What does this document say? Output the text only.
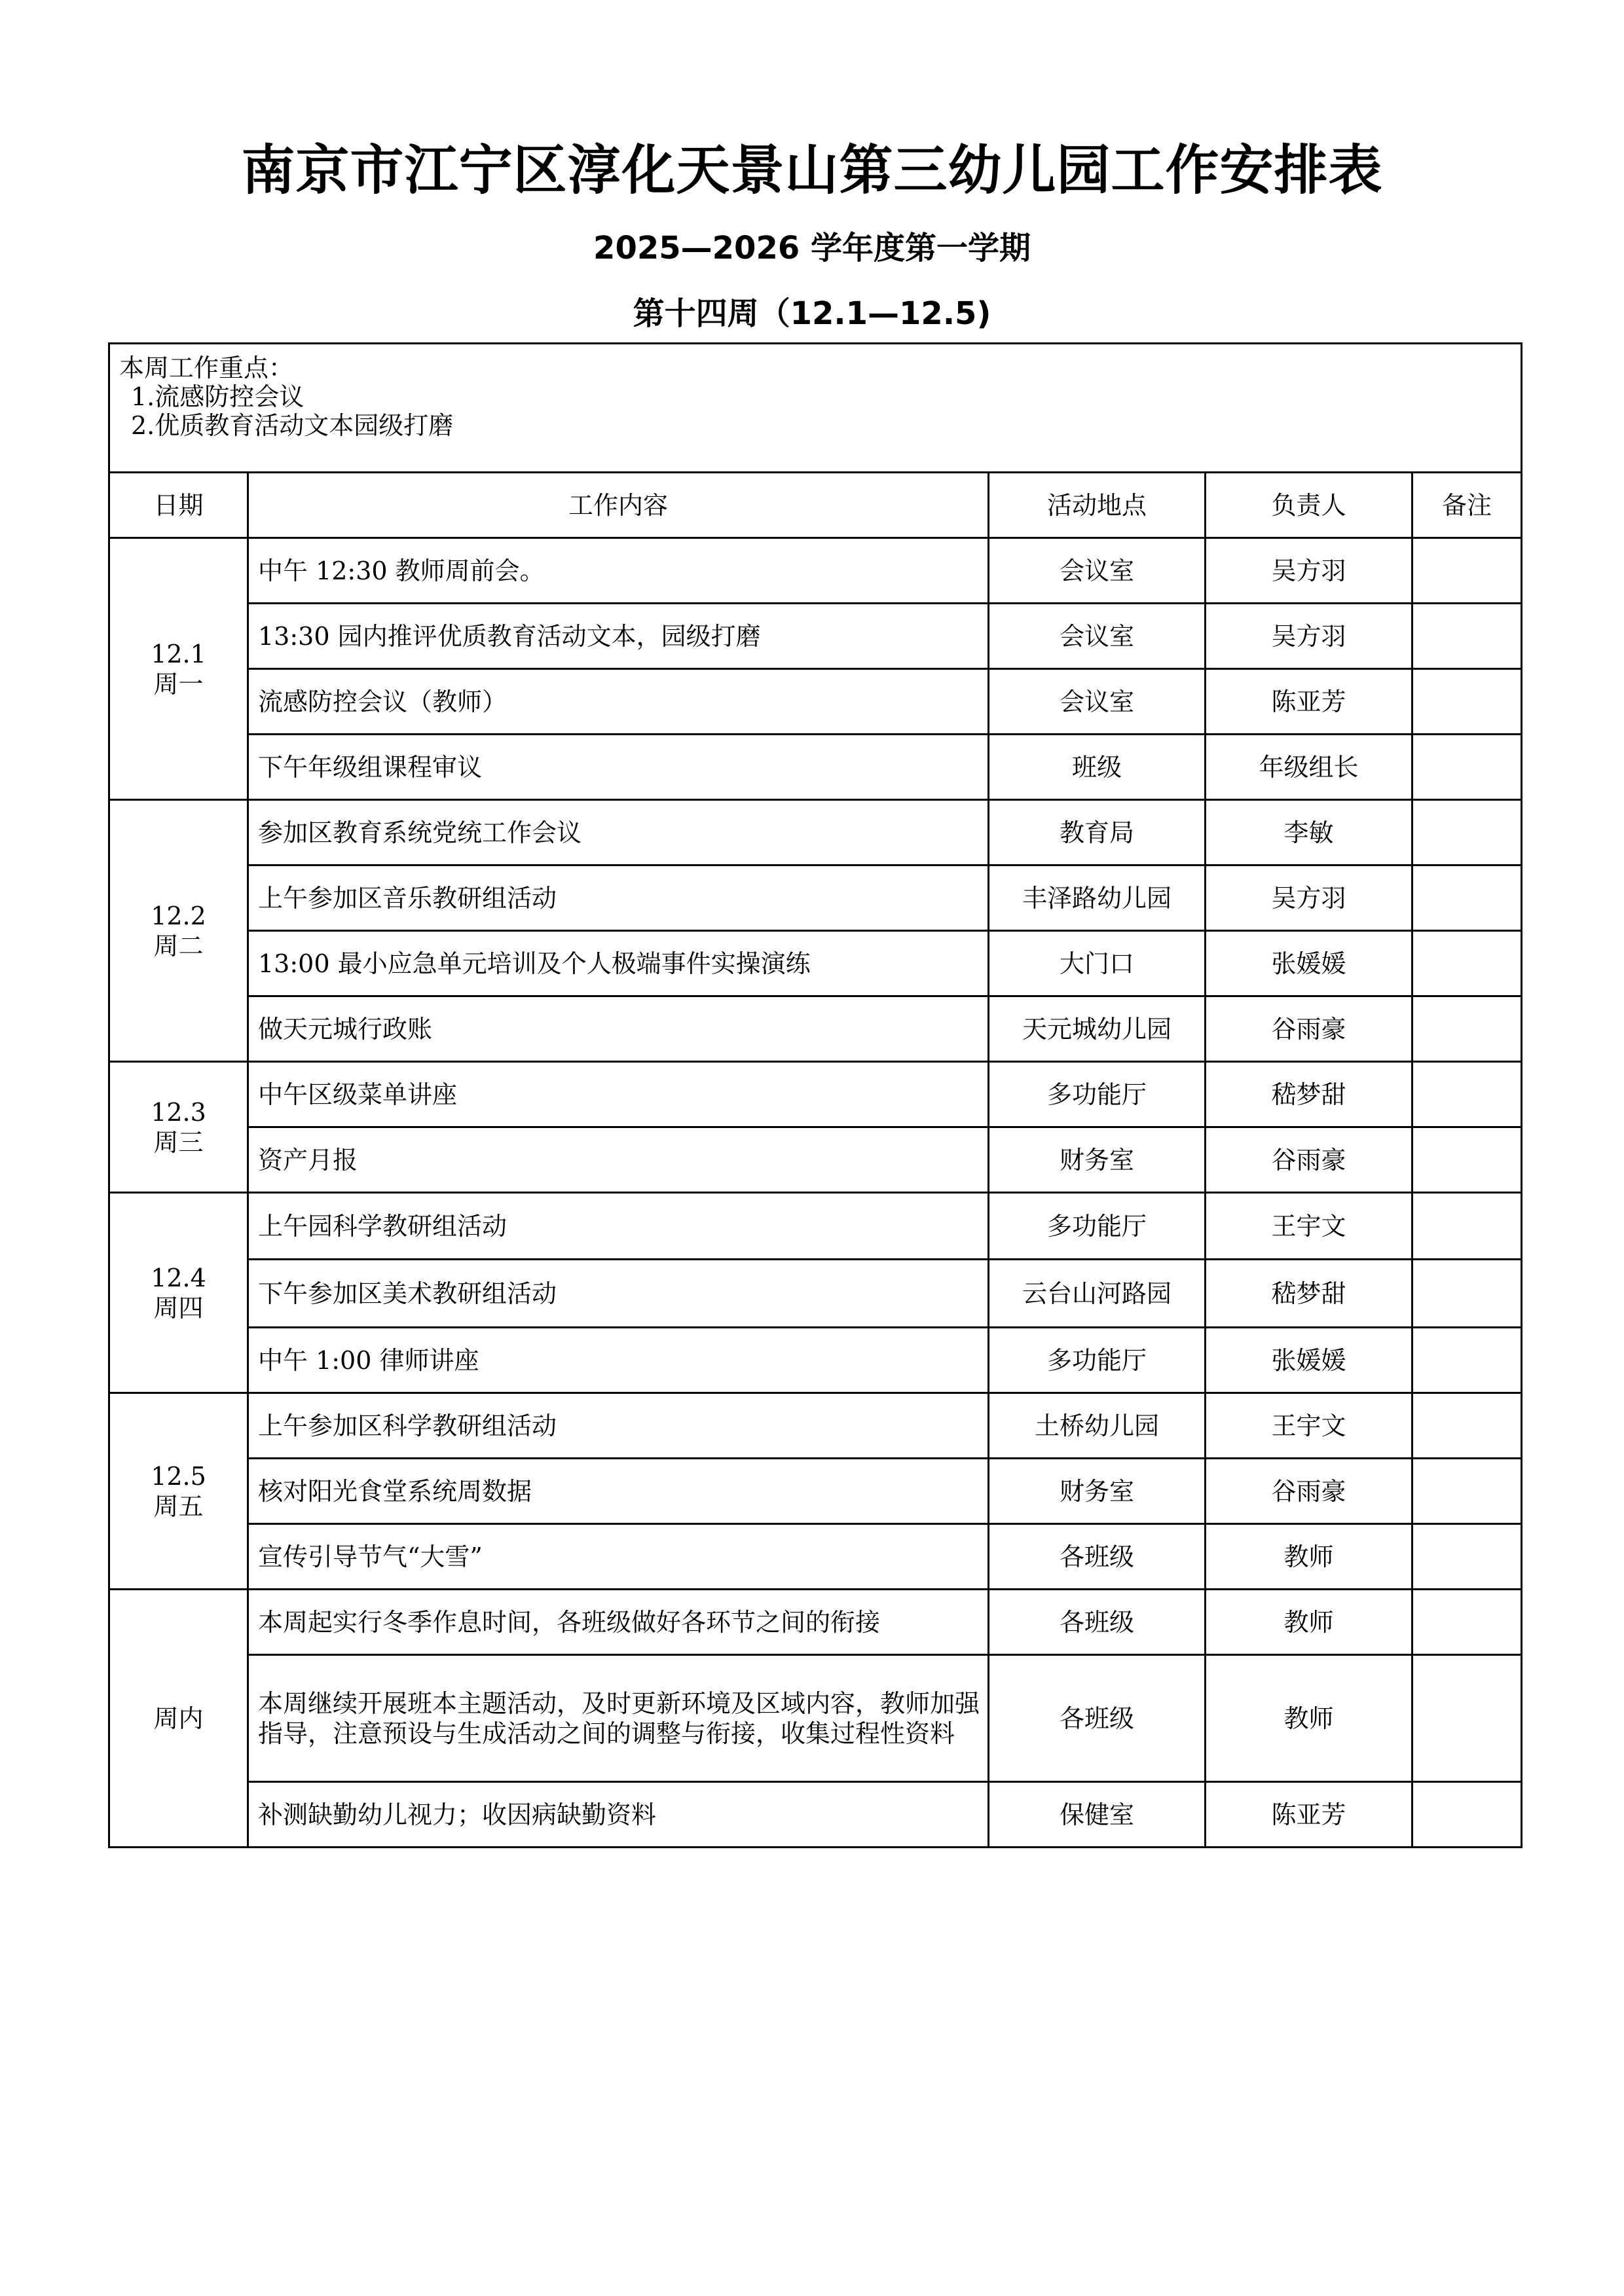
南京市江宁区淳化天景山第三幼儿园工作安排表
2025—2026 学年度第一学期
第十四周（12.1—12.5)
本周工作重点：
1.流感防控会议
2.优质教育活动文本园级打磨				

日期	工作内容	活动地点	负责人	备注

12.1
周一	中午 12:30 教师周前会。	会议室	吴方羽	
	13:30 园内推评优质教育活动文本，园级打磨	会议室	吴方羽	
	流感防控会议（教师）	会议室	陈亚芳	
	下午年级组课程审议	班级	年级组长	

12.2
周二	参加区教育系统党统工作会议	教育局	李敏	
	上午参加区音乐教研组活动	丰泽路幼儿园	吴方羽	
	13:00 最小应急单元培训及个人极端事件实操演练	大门口	张媛媛	
	做天元城行政账	天元城幼儿园	谷雨豪	

12.3
周三	中午区级菜单讲座	多功能厅	嵇梦甜	
	资产月报	财务室	谷雨豪	

12.4
周四	上午园科学教研组活动	多功能厅	王宇文	
	下午参加区美术教研组活动	云台山河路园	嵇梦甜	
	中午 1:00 律师讲座	多功能厅	张媛媛	

12.5
周五	上午参加区科学教研组活动	土桥幼儿园	王宇文	
	核对阳光食堂系统周数据	财务室	谷雨豪	
	宣传引导节气“大雪”	各班级	教师	

周内	本周起实行冬季作息时间，各班级做好各环节之间的衔接	各班级	教师	
	本周继续开展班本主题活动，及时更新环境及区域内容，教师加强指导，注意预设与生成活动之间的调整与衔接，收集过程性资料	各班级	教师	
	补测缺勤幼儿视力；收因病缺勤资料	保健室	陈亚芳	
